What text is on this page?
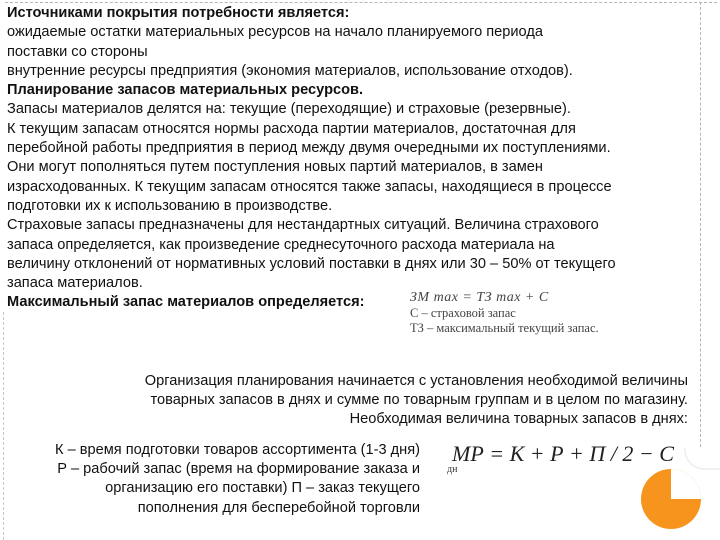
Источниками покрытия потребности является:
ожидаемые остатки материальных ресурсов на начало планируемого периода
поставки со стороны
внутренние ресурсы предприятия (экономия материалов, использование отходов).
Планирование запасов материальных ресурсов.
Запасы материалов делятся на: текущие (переходящие) и страховые (резервные).
К текущим запасам относятся нормы расхода партии материалов, достаточная для
перебойной работы предприятия в период между двумя очередными их поступлениями.
Они могут пополняться путем поступления новых партий материалов, в замен
израсходованных. К текущим запасам относятся также запасы, находящиеся в процессе
подготовки их к использованию в производстве.
Страховые запасы предназначены для нестандартных ситуаций. Величина страхового
запаса определяется, как произведение среднесуточного расхода материала на
величину отклонений от нормативных условий поставки в днях или 30 – 50% от текущего
запаса материалов.
Максимальный запас материалов определяется:	ЗМ max = ТЗ max + С
С – страховой запас
ТЗ – максимальный текущий запас.
Организация планирования начинается с установления необходимой величины
товарных запасов в днях и сумме по товарным группам и в целом по магазину.
Необходимая величина товарных запасов в днях:
К – время подготовки товаров ассортимента (1-3 дня)
Р – рабочий запас (время на формирование заказа и
организацию его поставки) П – заказ текущего
пополнения для бесперебойной торговли
МР = К + Р + П / 2 − С
дн
